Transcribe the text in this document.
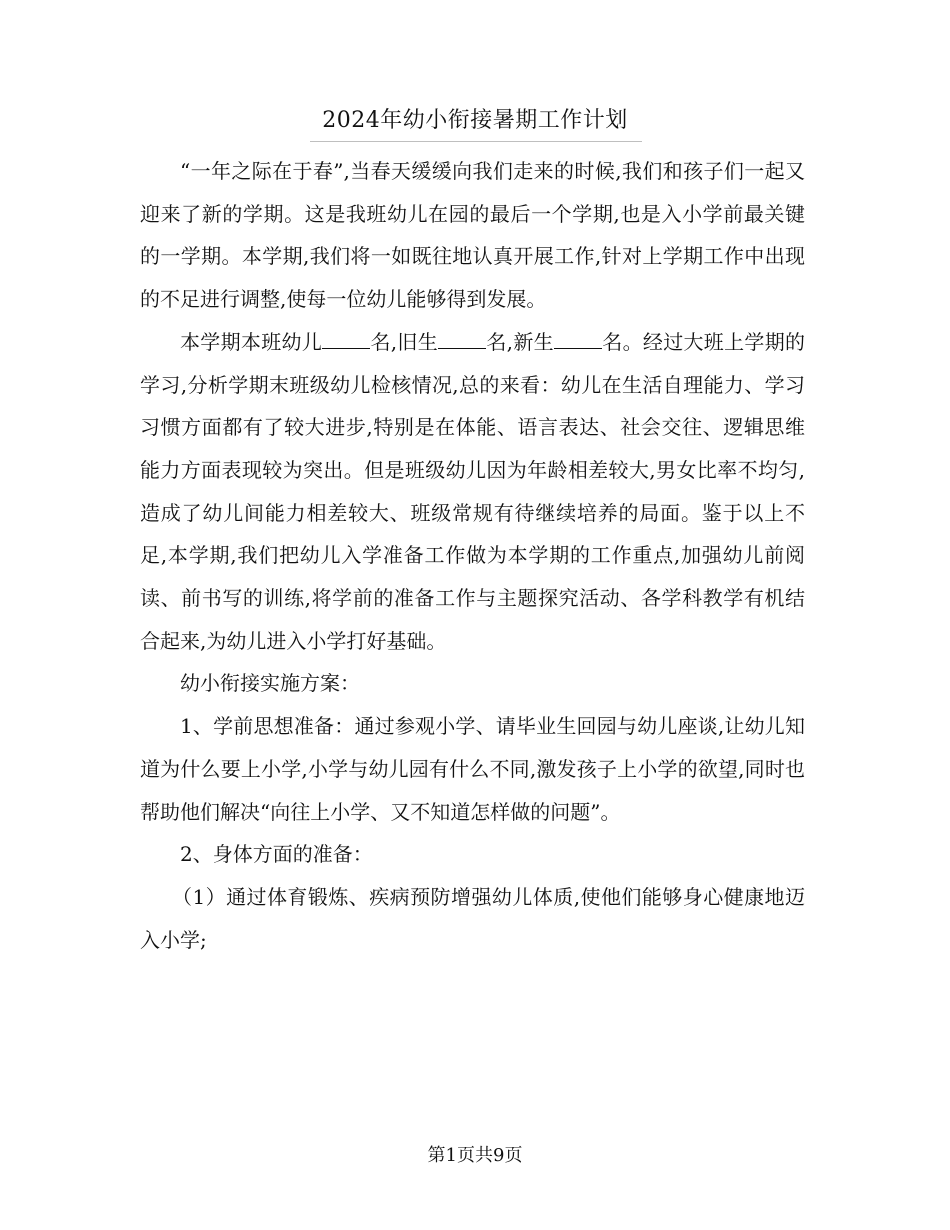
2024年幼小衔接暑期工作计划

“一年之际在于春”,当春天缓缓向我们走来的时候,我们和孩子们一起又迎来了新的学期。这是我班幼儿在园的最后一个学期,也是入小学前最关键的一学期。本学期,我们将一如既往地认真开展工作,针对上学期工作中出现的不足进行调整,使每一位幼儿能够得到发展。

本学期本班幼儿 名,旧生 名,新生 名。经过大班上学期的学习,分析学期末班级幼儿检核情况,总的来看：幼儿在生活自理能力、学习习惯方面都有了较大进步,特别是在体能、语言表达、社会交往、逻辑思维能力方面表现较为突出。但是班级幼儿因为年龄相差较大,男女比率不均匀,造成了幼儿间能力相差较大、班级常规有待继续培养的局面。鉴于以上不足,本学期,我们把幼儿入学准备工作做为本学期的工作重点,加强幼儿前阅读、前书写的训练,将学前的准备工作与主题探究活动、各学科教学有机结合起来,为幼儿进入小学打好基础。

幼小衔接实施方案：

1、学前思想准备：通过参观小学、请毕业生回园与幼儿座谈,让幼儿知道为什么要上小学,小学与幼儿园有什么不同,激发孩子上小学的欲望,同时也帮助他们解决“向往上小学、又不知道怎样做的问题”。

2、身体方面的准备：

（1）通过体育锻炼、疾病预防增强幼儿体质,使他们能够身心健康地迈入小学;

第1页共9页
